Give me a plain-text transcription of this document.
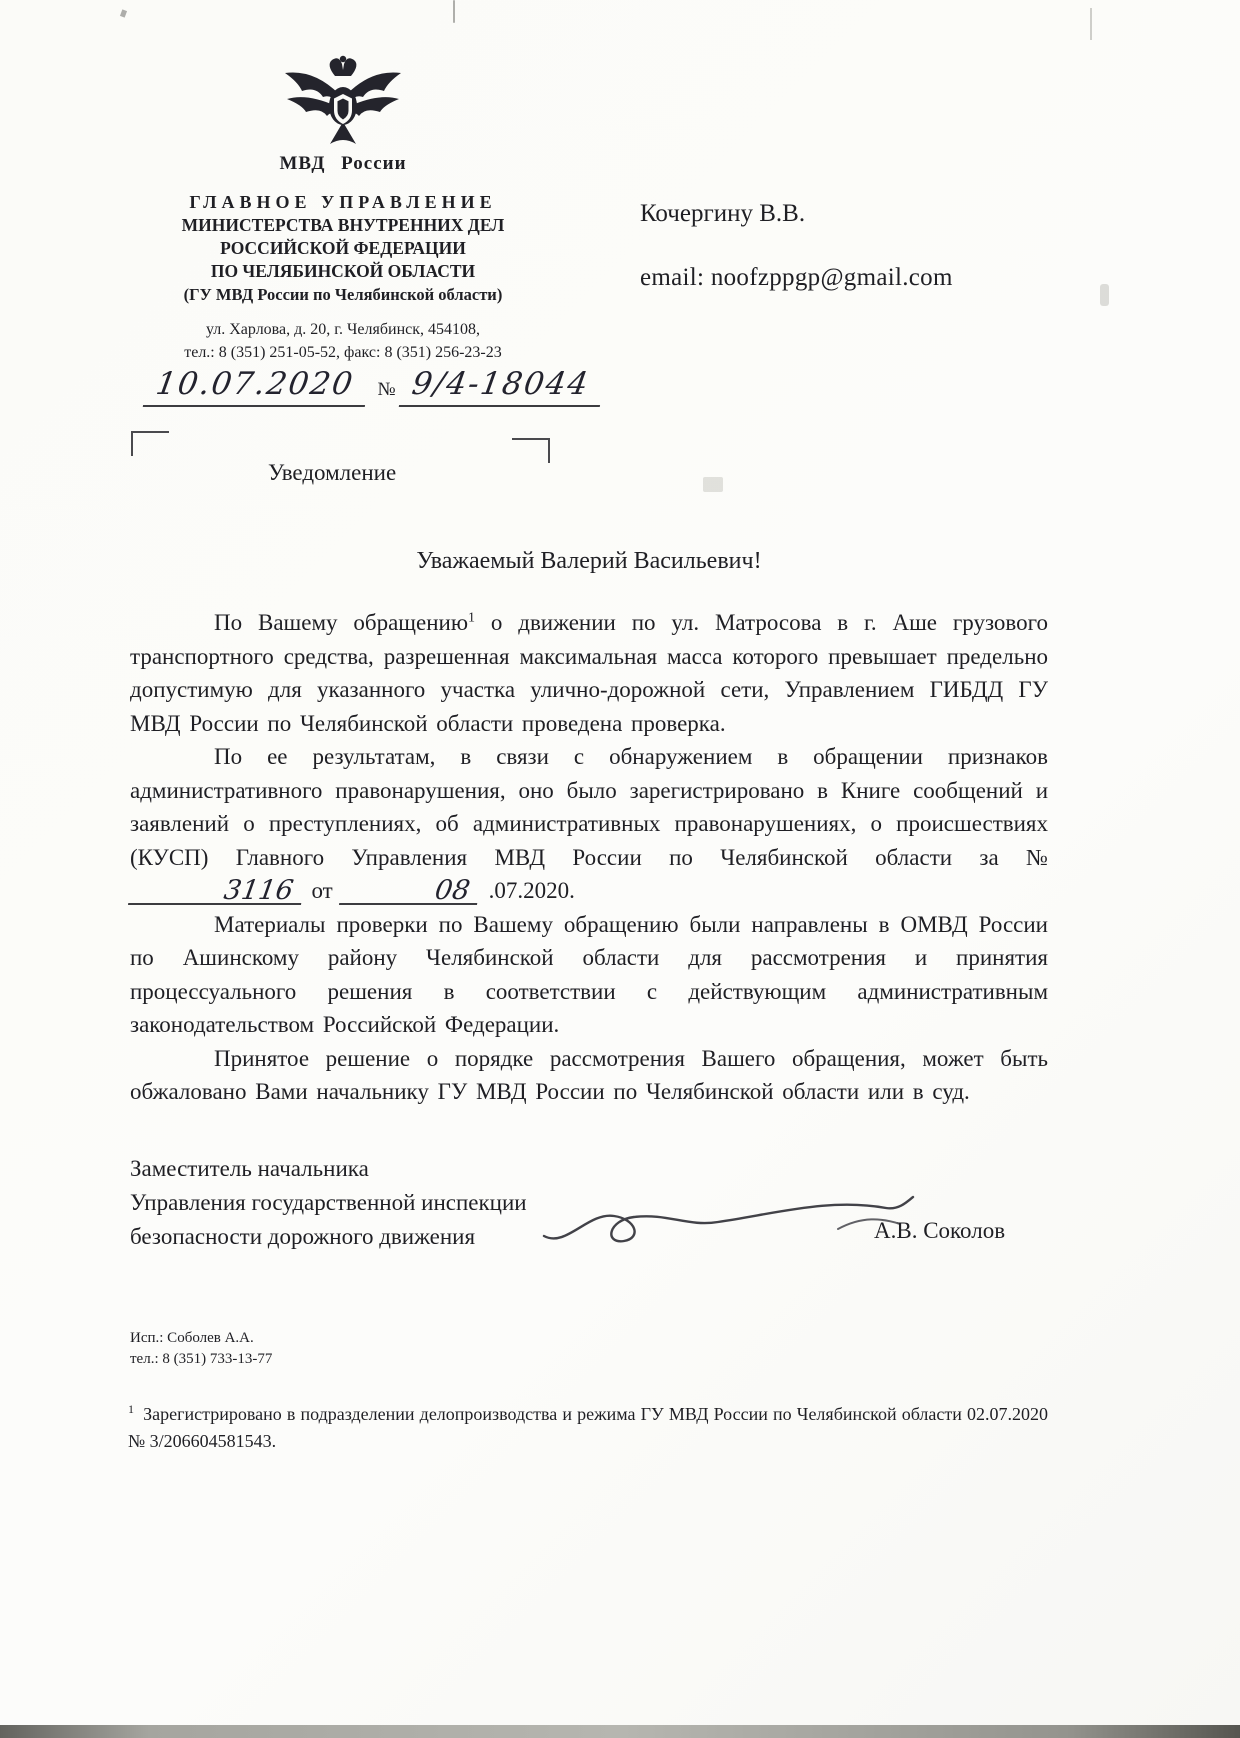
МВД России
ГЛАВНОЕ УПРАВЛЕНИЕ
МИНИСТЕРСТВА ВНУТРЕННИХ ДЕЛ
РОССИЙСКОЙ ФЕДЕРАЦИИ
ПО ЧЕЛЯБИНСКОЙ ОБЛАСТИ
(ГУ МВД России по Челябинской области)
ул. Харлова, д. 20, г. Челябинск, 454108,
тел.: 8 (351) 251-05-52, факс: 8 (351) 256-23-23
10.07.2020	№ 9/4-18044
Кочергину В.В.
email: noofzppgp@gmail.com
Уведомление
Уважаемый Валерий Васильевич!

По Вашему обращению$^1$ о движении по ул. Матросова в г. Аше грузового транспортного средства, разрешенная максимальная масса которого превышает предельно допустимую для указанного участка улично-дорожной сети, Управлением ГИБДД ГУ МВД России по Челябинской области проведена проверка.

По ее результатам, в связи с обнаружением в обращении признаков административного правонарушения, оно было зарегистрировано в Книге сообщений и заявлений о преступлениях, об административных правонарушениях, о происшествиях (КУСП) Главного Управления МВД России по Челябинской области за № 3116 от	08 .07.2020.

Материалы проверки по Вашему обращению были направлены в ОМВД России по Ашинскому району Челябинской области для рассмотрения и принятия процессуального решения в соответствии с действующим административным законодательством Российской Федерации.

Принятое решение о порядке рассмотрения Вашего обращения, может быть обжаловано Вами начальнику ГУ МВД России по Челябинской области или в суд.

Заместитель начальника
Управления государственной инспекции
безопасности дорожного движения	А.В. Соколов
Исп.: Соболев А.А.
тел.: 8 (351) 733-13-77
$^1$ Зарегистрировано в подразделении делопроизводства и режима ГУ МВД России по Челябинской области 02.07.2020 № 3/206604581543.
